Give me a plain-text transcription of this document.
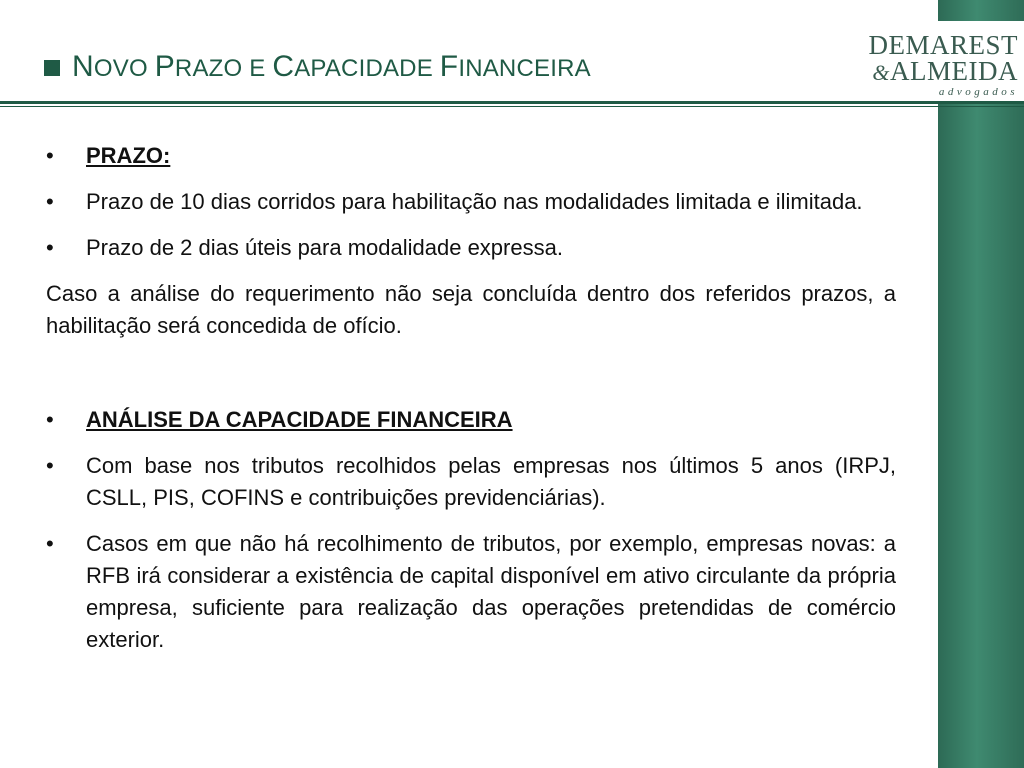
NOVO PRAZO E CAPACIDADE FINANCEIRA
DEMAREST
&ALMEIDA
advogados
• PRAZO:
• Prazo de 10 dias corridos para habilitação nas modalidades limitada e ilimitada.
• Prazo de 2 dias úteis para modalidade expressa.
Caso a análise do requerimento não seja concluída dentro dos referidos prazos, a habilitação será concedida de ofício.
• ANÁLISE DA CAPACIDADE FINANCEIRA
• Com base nos tributos recolhidos pelas empresas nos últimos 5 anos (IRPJ, CSLL, PIS, COFINS e contribuições previdenciárias).
• Casos em que não há recolhimento de tributos, por exemplo, empresas novas: a RFB irá considerar a existência de capital disponível em ativo circulante da própria empresa, suficiente para realização das operações pretendidas de comércio exterior.
